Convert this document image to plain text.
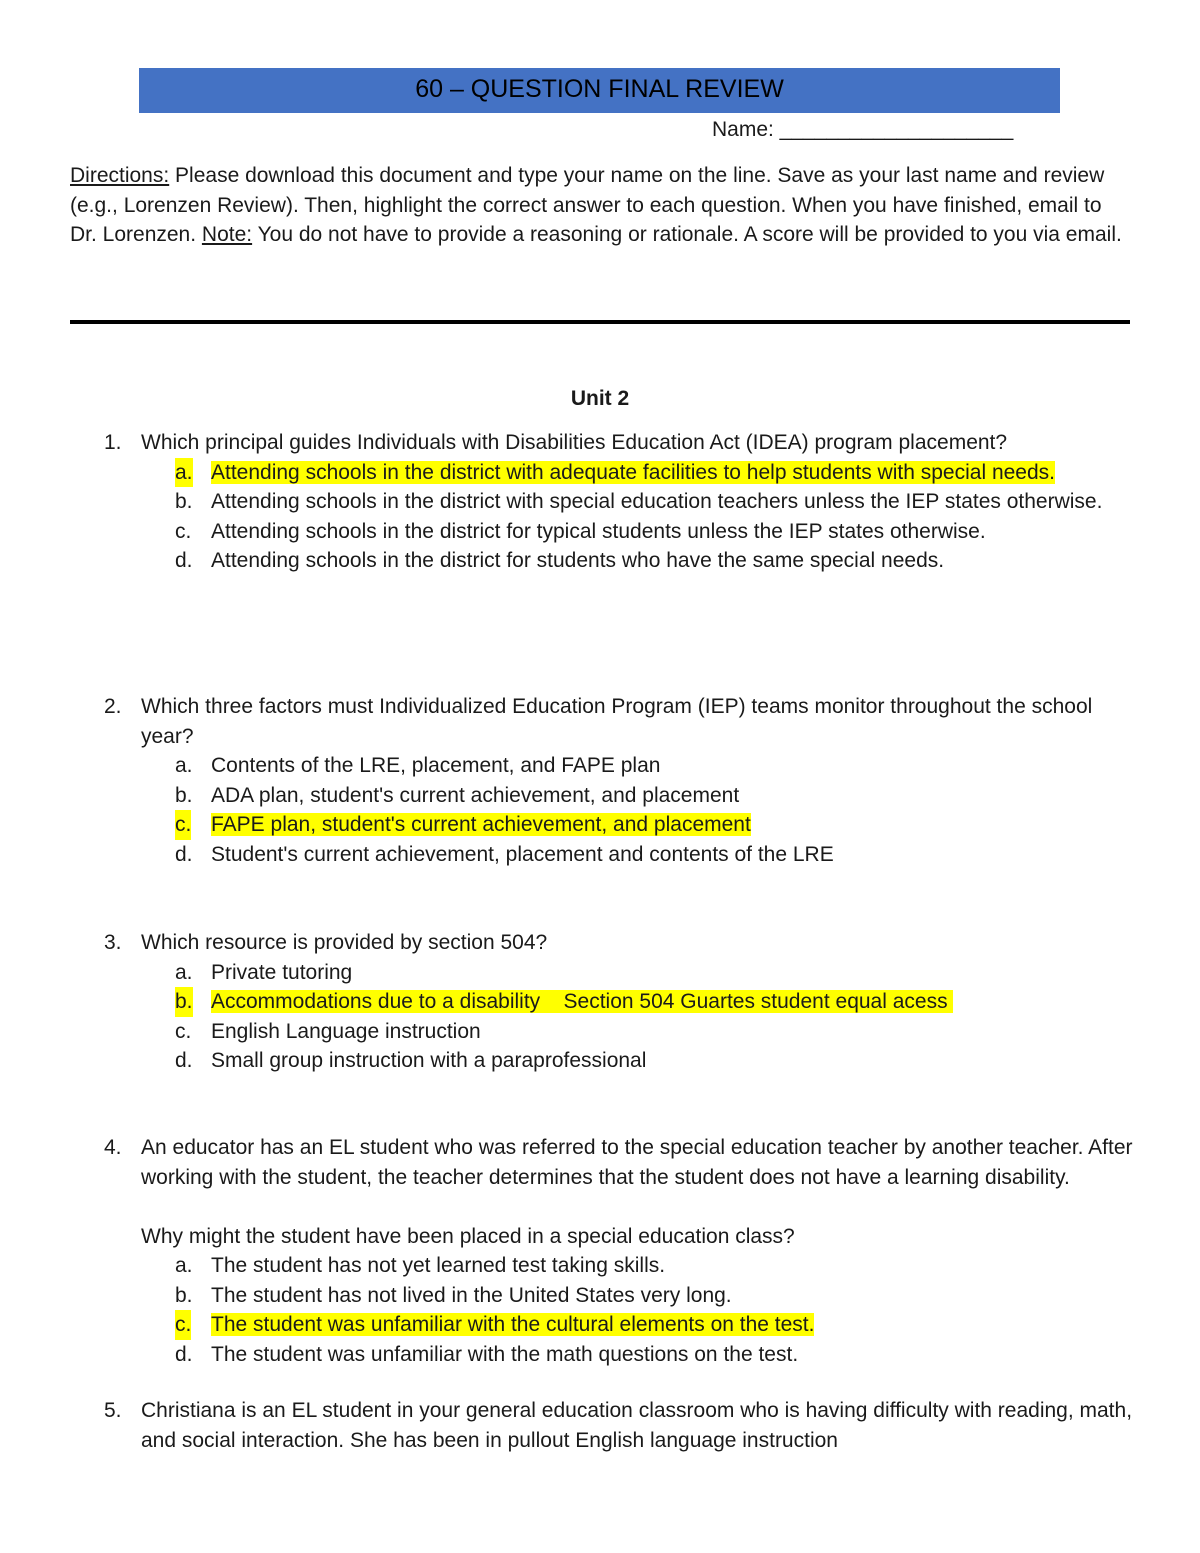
60 – QUESTION FINAL REVIEW
Name: ____________________
Directions: Please download this document and type your name on the line. Save as your last name and review (e.g., Lorenzen Review). Then, highlight the correct answer to each question. When you have finished, email to Dr. Lorenzen. Note: You do not have to provide a reasoning or rationale. A score will be provided to you via email.
Unit 2
1. Which principal guides Individuals with Disabilities Education Act (IDEA) program placement?
a. Attending schools in the district with adequate facilities to help students with special needs.
b. Attending schools in the district with special education teachers unless the IEP states otherwise.
c. Attending schools in the district for typical students unless the IEP states otherwise.
d. Attending schools in the district for students who have the same special needs.
2. Which three factors must Individualized Education Program (IEP) teams monitor throughout the school year?
a. Contents of the LRE, placement, and FAPE plan
b. ADA plan, student's current achievement, and placement
c. FAPE plan, student's current achievement, and placement
d. Student's current achievement, placement and contents of the LRE
3. Which resource is provided by section 504?
a. Private tutoring
b. Accommodations due to a disability    Section 504 Guartes student equal acess
c. English Language instruction
d. Small group instruction with a paraprofessional
4. An educator has an EL student who was referred to the special education teacher by another teacher. After working with the student, the teacher determines that the student does not have a learning disability.
Why might the student have been placed in a special education class?
a. The student has not yet learned test taking skills.
b. The student has not lived in the United States very long.
c. The student was unfamiliar with the cultural elements on the test.
d. The student was unfamiliar with the math questions on the test.
5. Christiana is an EL student in your general education classroom who is having difficulty with reading, math, and social interaction. She has been in pullout English language instruction
